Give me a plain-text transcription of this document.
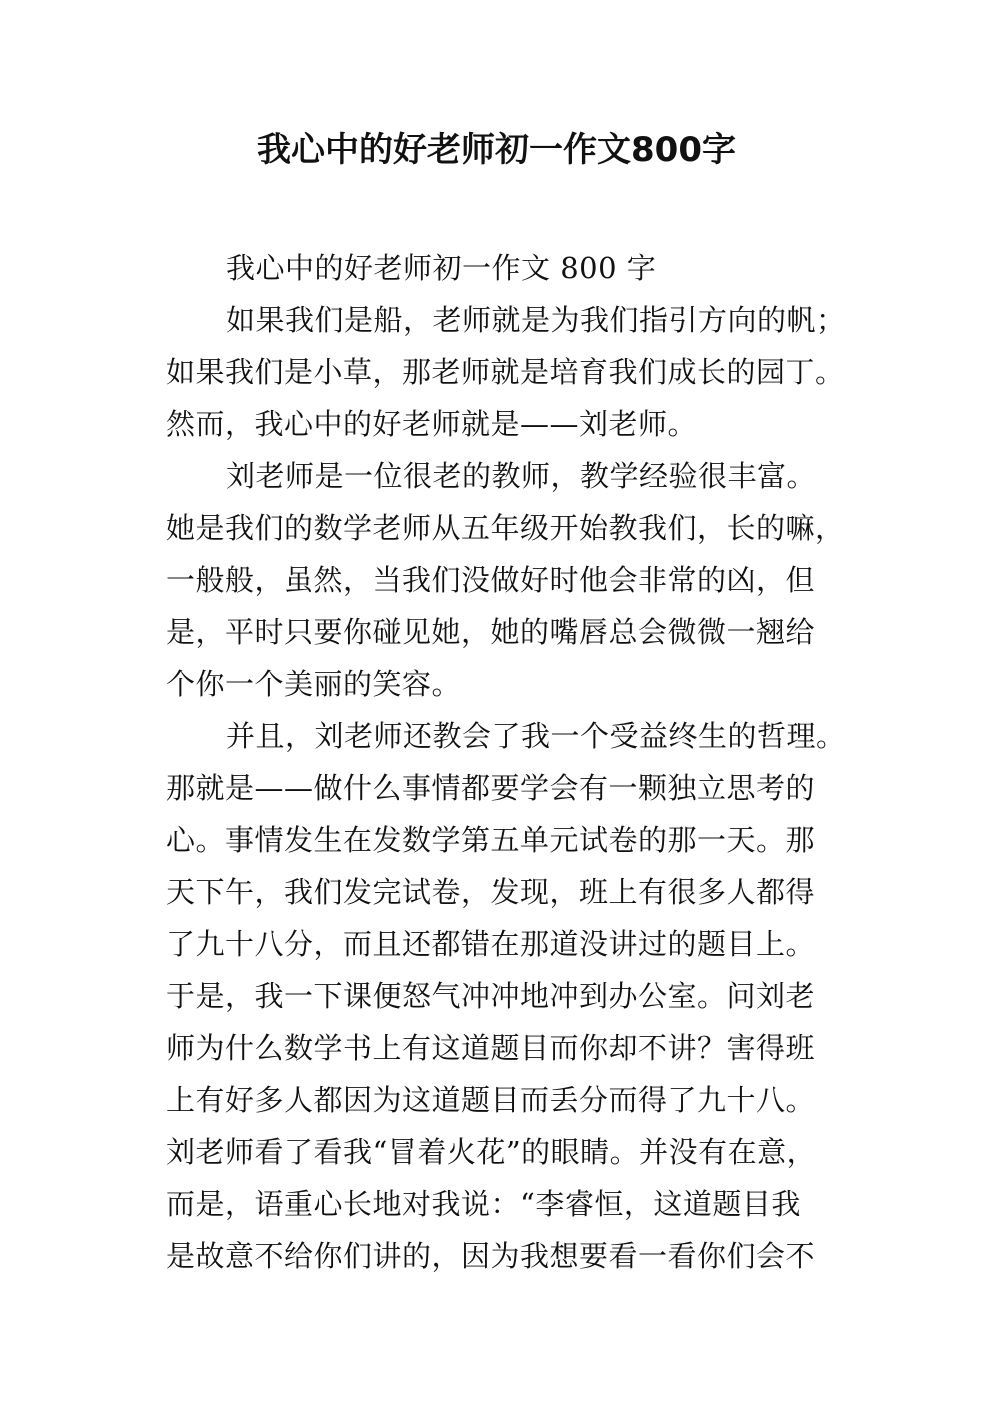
我心中的好老师初一作文800字
我心中的好老师初一作文 800 字
如果我们是船，老师就是为我们指引方向的帆；
如果我们是小草，那老师就是培育我们成长的园丁。
然而，我心中的好老师就是——刘老师。
刘老师是一位很老的教师，教学经验很丰富。
她是我们的数学老师从五年级开始教我们，长的嘛，
一般般，虽然，当我们没做好时他会非常的凶，但
是，平时只要你碰见她，她的嘴唇总会微微一翘给
个你一个美丽的笑容。
并且，刘老师还教会了我一个受益终生的哲理。
那就是——做什么事情都要学会有一颗独立思考的
心。事情发生在发数学第五单元试卷的那一天。那
天下午，我们发完试卷，发现，班上有很多人都得
了九十八分，而且还都错在那道没讲过的题目上。
于是，我一下课便怒气冲冲地冲到办公室。问刘老
师为什么数学书上有这道题目而你却不讲？害得班
上有好多人都因为这道题目而丢分而得了九十八。
刘老师看了看我“冒着火花”的眼睛。并没有在意，
而是，语重心长地对我说：“李睿恒，这道题目我
是故意不给你们讲的，因为我想要看一看你们会不
